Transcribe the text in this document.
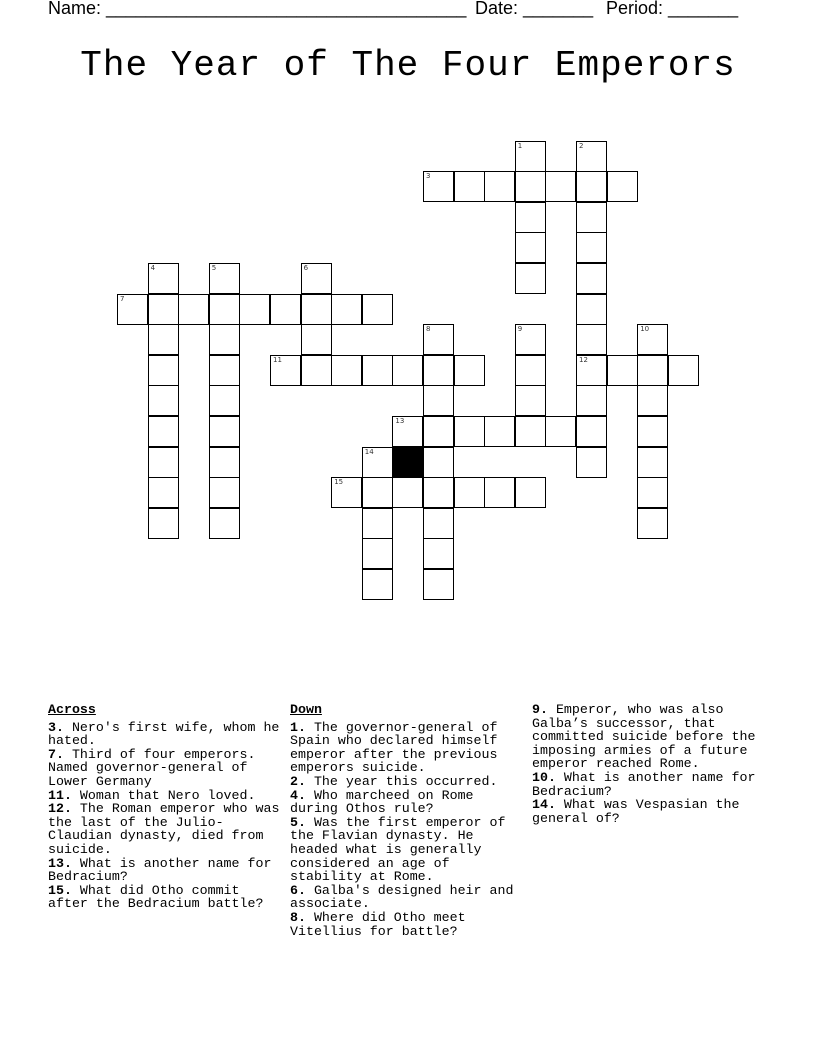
Name: ____________________________________ Date: _______ Period: _______
The Year of The Four Emperors
1	2
3
4	5	6
7
8	9	10
11	12
13
14
15
Across
3. Nero's first wife, whom he hated.
7. Third of four emperors. Named governor-general of Lower Germany
11. Woman that Nero loved.
12. The Roman emperor who was the last of the Julio-Claudian dynasty, died from suicide.
13. What is another name for Bedracium?
15. What did Otho commit after the Bedracium battle?
Down
1. The governor-general of Spain who declared himself emperor after the previous emperors suicide.
2. The year this occurred.
4. Who marcheed on Rome during Othos rule?
5. Was the first emperor of the Flavian dynasty. He headed what is generally considered an age of stability at Rome.
6. Galba's designed heir and associate.
8. Where did Otho meet Vitellius for battle?
9. Emperor, who was also Galba’s successor, that committed suicide before the imposing armies of a future emperor reached Rome.
10. What is another name for Bedracium?
14. What was Vespasian the general of?
